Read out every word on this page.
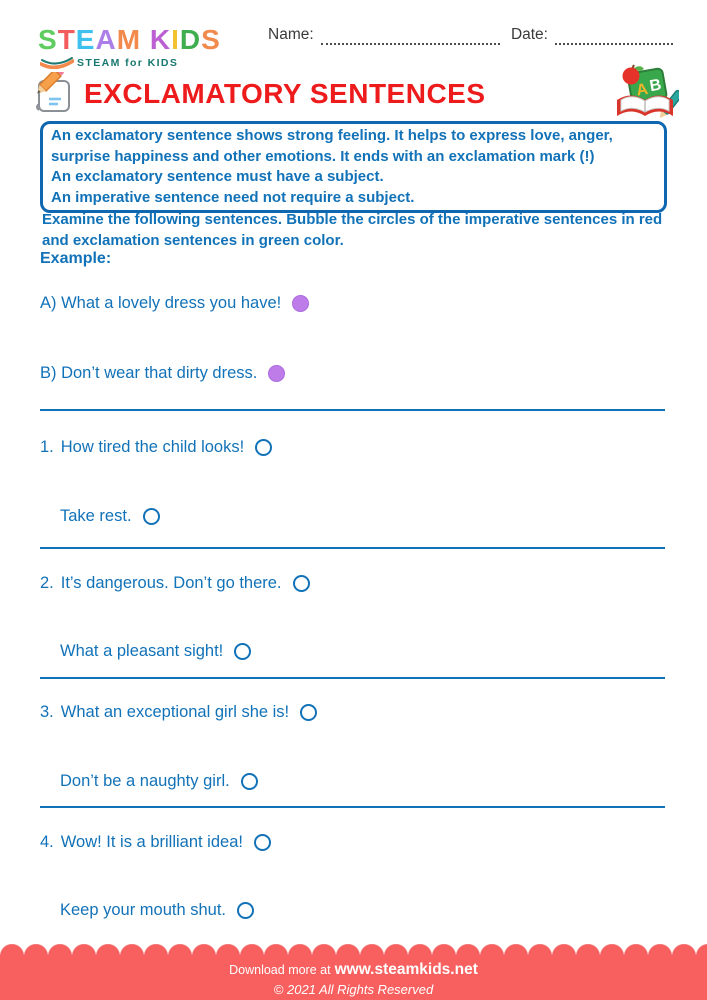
STEAM KIDS
STEAM for KIDS
Name:	Date:
EXCLAMATORY SENTENCES	A B
An exclamatory sentence shows strong feeling. It helps to express love, anger, surprise happiness and other emotions. It ends with an exclamation mark (!)
An exclamatory sentence must have a subject.
An imperative sentence need not require a subject.
Examine the following sentences. Bubble the circles of the imperative sentences in red and exclamation sentences in green color.
Example:
A) What a lovely dress you have!
B) Don’t wear that dirty dress.
1. How tired the child looks!
Take rest.
2. It’s dangerous. Don’t go there.
What a pleasant sight!
3. What an exceptional girl she is!
Don’t be a naughty girl.
4. Wow! It is a brilliant idea!
Keep your mouth shut.
Download more at www.steamkids.net
© 2021 All Rights Reserved
